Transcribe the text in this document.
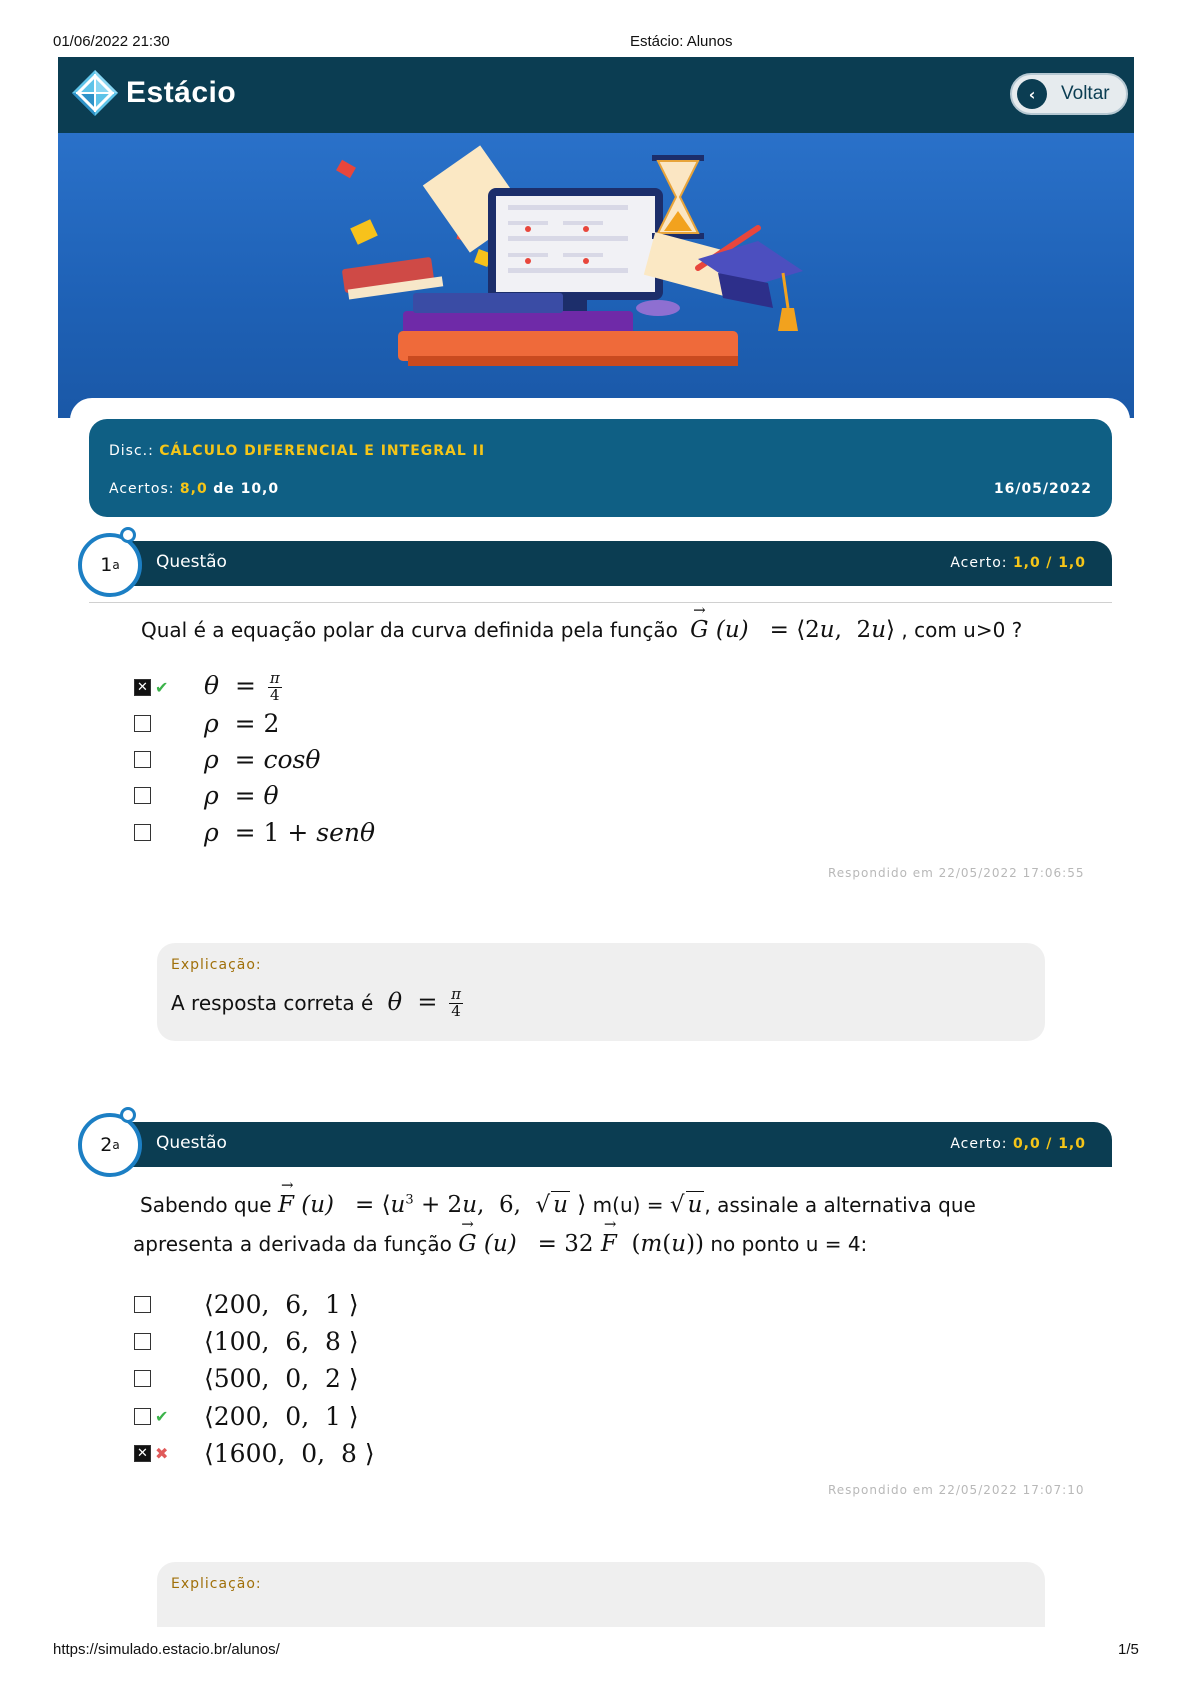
01/06/2022 21:30	Estácio: Alunos
https://simulado.estacio.br/alunos/	1/5
Estácio	‹	Voltar
Disc.: CÁLCULO DIFERENCIAL E INTEGRAL II
Acertos: 8,0 de 10,0	16/05/2022
Questão	Acerto: 1,0 / 1,0
1 a
Qual é a equação polar da curva definida pela função → G (u)   = ⟨2u,  2u⟩ , com u>0 ?
✕ ✔ $\theta = \frac{\pi}{4}$
ρ  = 2
ρ  = cosθ
ρ  = θ
ρ  = 1 + senθ
Respondido em 22/05/2022 17:06:55
Explicação:
A resposta correta é $\theta = \frac{\pi}{4}$
Questão	Acerto: 0,0 / 1,0
2 a
Sabendo que → F $(u) = ⟨u^3 + 2u$,  6,  √ u ⟩ m(u) = √ u , assinale a alternativa que
apresenta a derivada da função → G (u)   = 32 → F  (m(u)) no ponto u = 4:
⟨200,  6,  1 ⟩
⟨100,  6,  8 ⟩
⟨500,  0,  2 ⟩
✔ ⟨200,  0,  1 ⟩
✕ ✖ ⟨1600,  0,  8 ⟩
Respondido em 22/05/2022 17:07:10
Explicação:
